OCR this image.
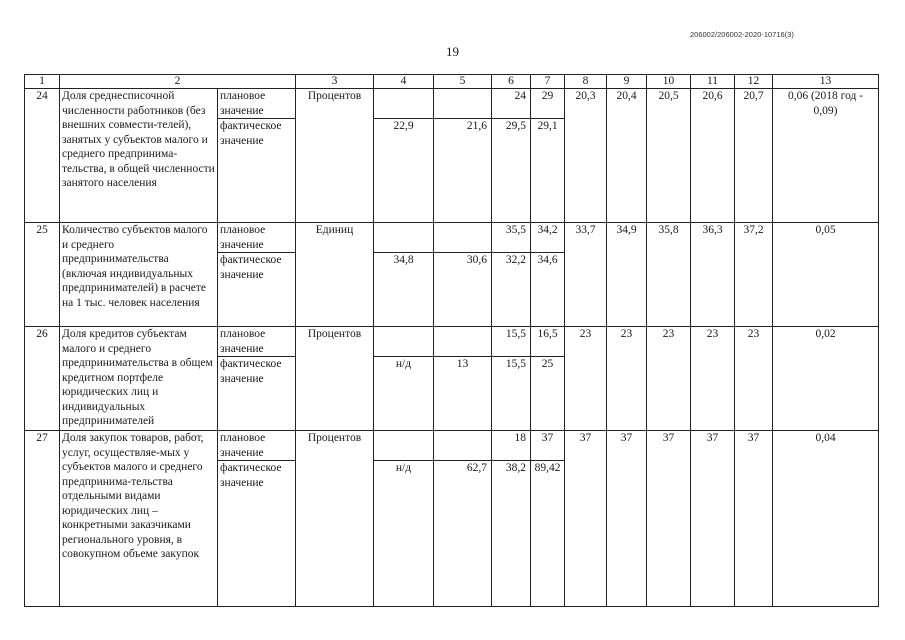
206002/206002-2020-10716(3)
19
1	2		3	4	5	6	7	8	9	10	11	12	13
24	Доля среднесписочной численности работников (без внешних совмести-телей), занятых у субъектов малого и среднего предпринима-тельства, в общей численности занятого населения	плановое значение	Процентов			24	29	20,3	20,4	20,5	20,6	20,7	0,06 (2018 год - 0,09)
		фактическое значение		22,9	21,6	29,5	29,1						
25	Количество субъектов малого и среднего предпринимательства (включая индивидуальных предпринимателей) в расчете на 1 тыс. человек населения	плановое значение	Единиц			35,5	34,2	33,7	34,9	35,8	36,3	37,2	0,05
		фактическое значение		34,8	30,6	32,2	34,6						
26	Доля кредитов субъектам малого и среднего предпринимательства в общем кредитном портфеле юридических лиц и индивидуальных предпринимателей	плановое значение	Процентов			15,5	16,5	23	23	23	23	23	0,02
		фактическое значение		н/д	13	15,5	25						
27	Доля закупок товаров, работ, услуг, осуществляе-мых у субъектов малого и среднего предпринима-тельства отдельными видами юридических лиц – конкретными заказчиками регионального уровня, в совокупном объеме закупок	плановое значение	Процентов			18	37	37	37	37	37	37	0,04
		фактическое значение		н/д	62,7	38,2	89,42						
